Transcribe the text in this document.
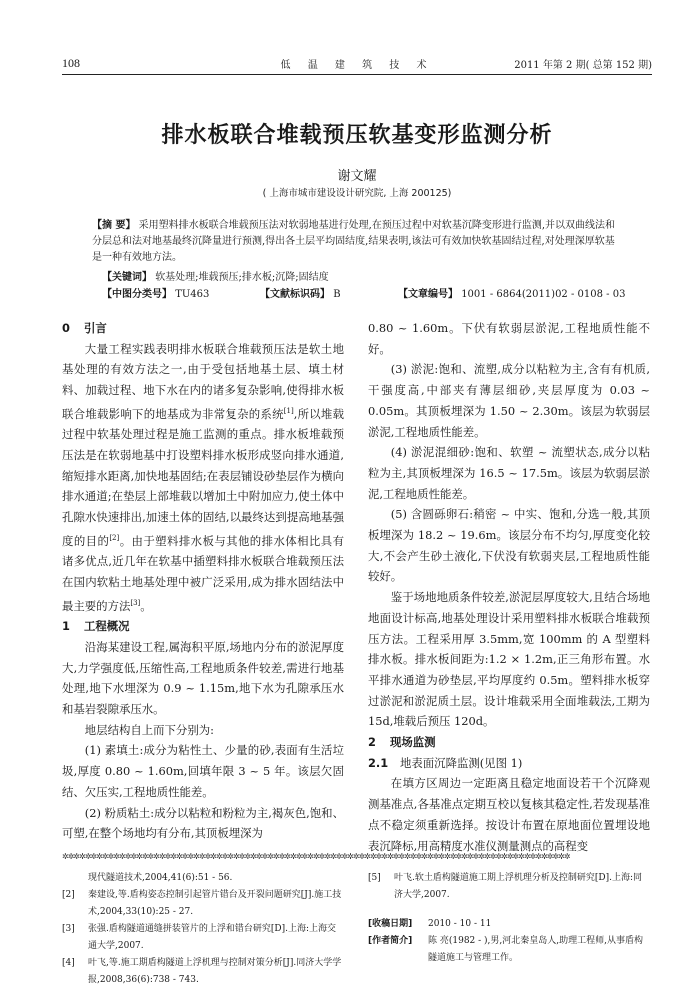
108	低 温 建 筑 技 术	2011 年第 2 期( 总第 152 期)
排水板联合堆载预压软基变形监测分析
谢文耀
( 上海市城市建设设计研究院, 上海 200125)
【摘 要】 采用塑料排水板联合堆载预压法对软弱地基进行处理,在预压过程中对软基沉降变形进行监测,并以双曲线法和分层总和法对地基最终沉降量进行预测,得出各土层平均固结度,结果表明,该法可有效加快软基固结过程,对处理深厚软基是一种有效地方法。
【关键词】 软基处理;堆载预压;排水板;沉降;固结度
【中图分类号】 TU463	【文献标识码】 B	【文章编号】 1001 - 6864(2011)02 - 0108 - 03

0 引言

大量工程实践表明排水板联合堆载预压法是软土地基处理的有效方法之一,由于受包括地基土层、填土材料、加载过程、地下水在内的诸多复杂影响,使得排水板联合堆载影响下的地基成为非常复杂的系统[1],所以堆载过程中软基处理过程是施工监测的重点。排水板堆载预压法是在软弱地基中打设塑料排水板形成竖向排水通道,缩短排水距离,加快地基固结;在表层铺设砂垫层作为横向排水通道;在垫层上部堆载以增加土中附加应力,使土体中孔隙水快速排出,加速土体的固结,以最终达到提高地基强度的目的[2]。由于塑料排水板与其他的排水体相比具有诸多优点,近几年在软基中插塑料排水板联合堆载预压法在国内软粘土地基处理中被广泛采用,成为排水固结法中最主要的方法[3]。

1 工程概况

沿海某建设工程,属海积平原,场地内分布的淤泥厚度大,力学强度低,压缩性高,工程地质条件较差,需进行地基处理,地下水埋深为 0.9 ~ 1.15m,地下水为孔隙承压水和基岩裂隙承压水。

地层结构自上而下分别为:

(1) 素填土:成分为粘性土、少量的砂,表面有生活垃圾,厚度 0.80 ~ 1.60m,回填年限 3 ~ 5 年。该层欠固结、欠压实,工程地质性能差。

(2) 粉质粘土:成分以粘粒和粉粒为主,褐灰色,饱和、可塑,在整个场地均有分布,其顶板埋深为

0.80 ~ 1.60m。下伏有软弱层淤泥,工程地质性能不好。

(3) 淤泥:饱和、流塑,成分以粘粒为主,含有有机质,干强度高,中部夹有薄层细砂,夹层厚度为 0.03 ~ 0.05m。其顶板埋深为 1.50 ~ 2.30m。该层为软弱层淤泥,工程地质性能差。

(4) 淤泥混细砂:饱和、软塑 ~ 流塑状态,成分以粘粒为主,其顶板埋深为 16.5 ~ 17.5m。该层为软弱层淤泥,工程地质性能差。

(5) 含圆砾卵石:稍密 ~ 中实、饱和,分选一般,其顶板埋深为 18.2 ~ 19.6m。该层分布不均匀,厚度变化较大,不会产生砂土液化,下伏没有软弱夹层,工程地质性能较好。

鉴于场地地质条件较差,淤泥层厚度较大,且结合场地地面设计标高,地基处理设计采用塑料排水板联合堆载预压方法。工程采用厚 3.5mm,宽 100mm 的 A 型塑料排水板。排水板间距为:1.2 × 1.2m,正三角形布置。水平排水通道为砂垫层,平均厚度约 0.5m。塑料排水板穿过淤泥和淤泥质土层。设计堆载采用全面堆载法,工期为 15d,堆载后预压 120d。

2 现场监测

2.1 地表面沉降监测(见图 1)

在填方区周边一定距离且稳定地面设若干个沉降观测基准点,各基准点定期互校以复核其稳定性,若发现基准点不稳定须重新选择。按设计布置在原地面位置埋设地表沉降标,用高精度水准仪测量测点的高程变

✲✲✲✲✲✲✲✲✲✲✲✲✲✲✲✲✲✲✲✲✲✲✲✲✲✲✲✲✲✲✲✲✲✲✲✲✲✲✲✲✲✲✲✲✲✲✲✲✲✲✲✲✲✲✲✲✲✲✲✲✲✲✲✲✲✲✲✲✲✲✲✲✲✲✲✲✲✲✲✲✲✲✲✲✲✲✲✲✲
现代隧道技术,2004,41(6):51 - 56.
[2]	秦建设,等.盾构姿态控制引起管片错台及开裂问题研究[J].施工技术,2004,33(10):25 - 27.
[3]	张强.盾构隧道通缝拼装管片的上浮和错台研究[D].上海:上海交通大学,2007.
[4]	叶飞,等.施工期盾构隧道上浮机理与控制对策分析[J].同济大学学报,2008,36(6):738 - 743.
[5]	叶飞.软土盾构隧道施工期上浮机理分析及控制研究[D].上海:同济大学,2007.
[收稿日期]	2010 - 10 - 11
[作者简介]	陈 亮(1982 - ),男,河北秦皇岛人,助理工程师,从事盾构隧道施工与管理工作。
